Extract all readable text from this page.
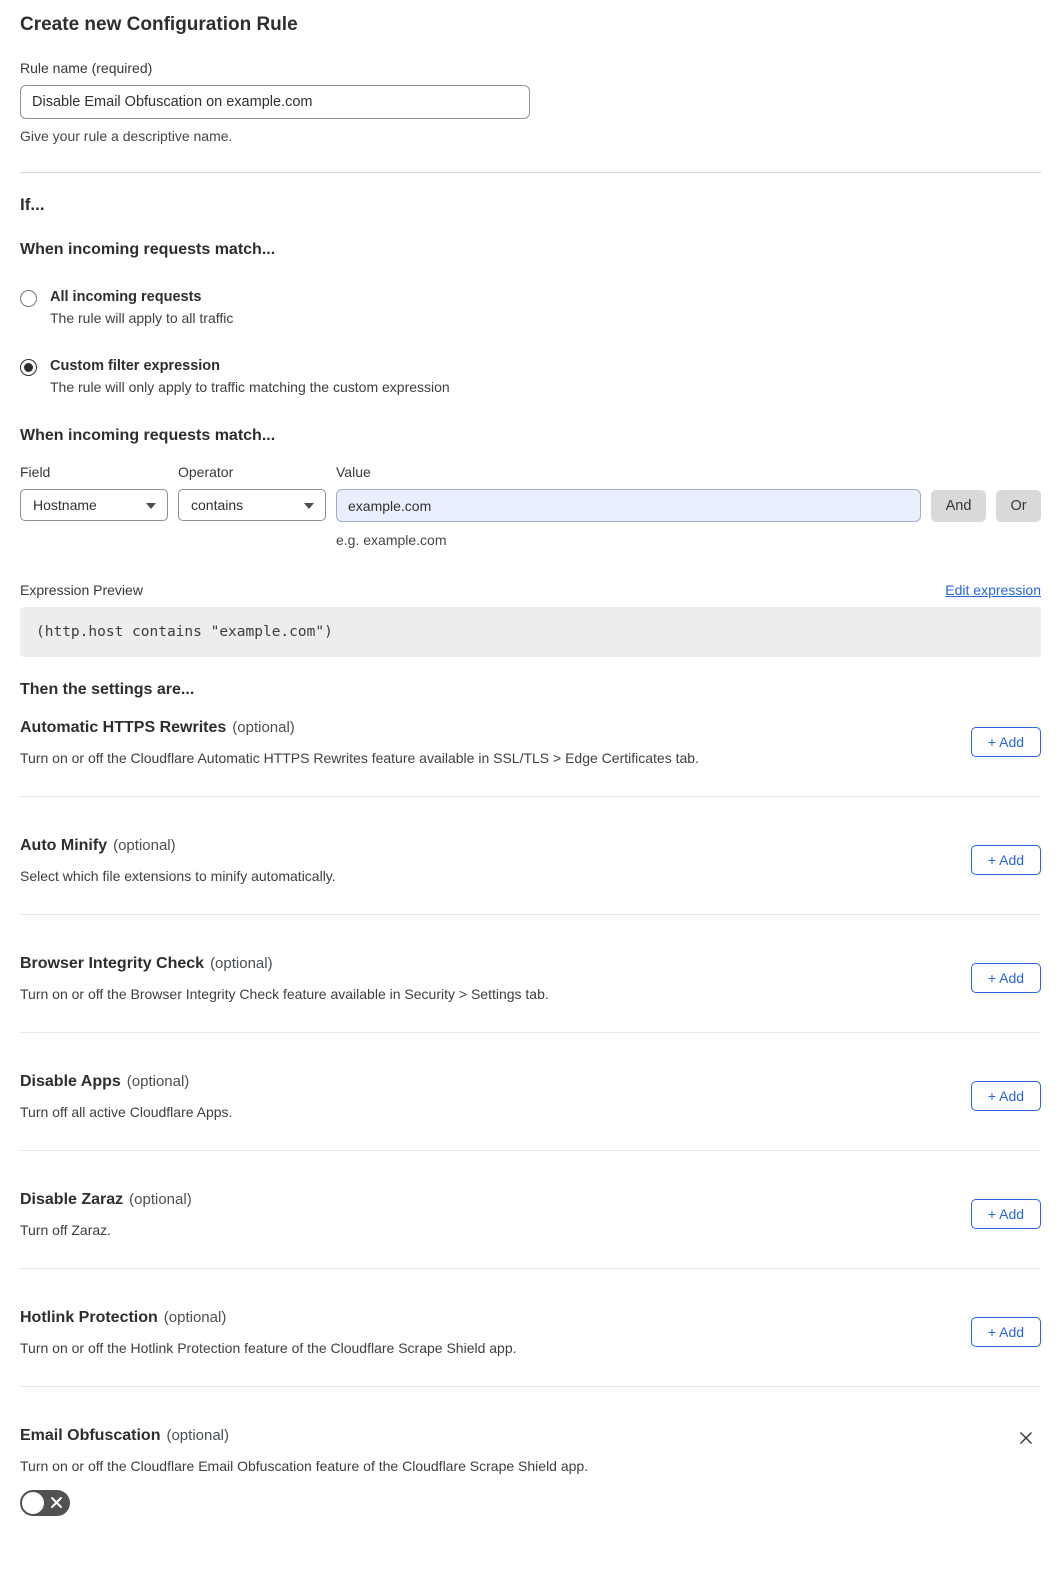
Create new Configuration Rule
Rule name (required)
Disable Email Obfuscation on example.com
Give your rule a descriptive name.
If...
When incoming requests match...
All incoming requests
The rule will apply to all traffic
Custom filter expression
The rule will only apply to traffic matching the custom expression
When incoming requests match...
Field
Hostname
Operator
contains
Value
example.com
e.g. example.com
And	Or
Expression Preview	Edit expression
(http.host contains "example.com")
Then the settings are...
Automatic HTTPS Rewrites (optional)

Turn on or off the Cloudflare Automatic HTTPS Rewrites feature available in SSL/TLS > Edge Certificates tab.

+ Add
Auto Minify (optional)

Select which file extensions to minify automatically.

+ Add
Browser Integrity Check (optional)

Turn on or off the Browser Integrity Check feature available in Security > Settings tab.

+ Add
Disable Apps (optional)

Turn off all active Cloudflare Apps.

+ Add
Disable Zaraz (optional)

Turn off Zaraz.

+ Add
Hotlink Protection (optional)

Turn on or off the Hotlink Protection feature of the Cloudflare Scrape Shield app.

+ Add
Email Obfuscation (optional)

Turn on or off the Cloudflare Email Obfuscation feature of the Cloudflare Scrape Shield app.
